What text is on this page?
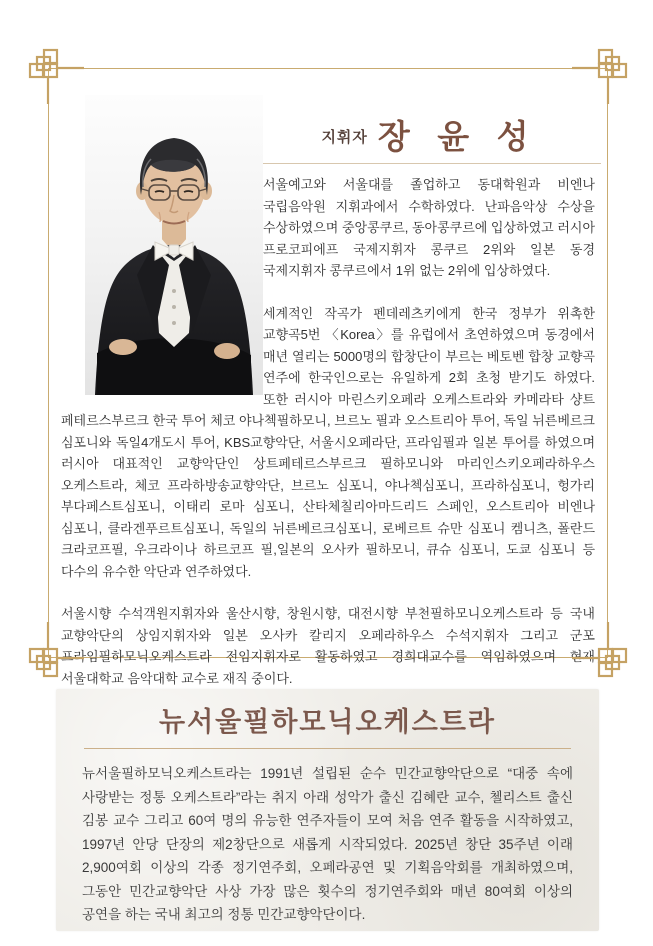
지휘자 장 윤 성

서울예고와 서울대를 졸업하고 동대학원과 비엔나 국립음악원 지휘과에서 수학하였다. 난파음악상 수상을 수상하였으며 중앙콩쿠르, 동아콩쿠르에 입상하였고 러시아 프로코피에프 국제지휘자 콩쿠르 2위와 일본 동경 국제지휘자 콩쿠르에서 1위 없는 2위에 입상하였다.

세계적인 작곡가 펜데레츠키에게 한국 정부가 위촉한 교향곡5번 〈Korea〉를 유럽에서 초연하였으며 동경에서 매년 열리는 5000명의 합창단이 부르는 베토벤 합창 교향곡 연주에 한국인으로는 유일하게 2회 초청 받기도 하였다. 또한 러시아 마린스키오페라 오케스트라와 카메라타 샹트 페테르스부르크 한국 투어 체코 야나첵필하모니, 브르노 필과 오스트리아 투어, 독일 뉘른베르크 심포니와 독일4개도시 투어, KBS교향악단, 서울시오페라단, 프라임필과 일본 투어를 하였으며 러시아 대표적인 교향악단인 상트페테르스부르크 필하모니와 마리인스키오페라하우스 오케스트라, 체코 프라하방송교향악단, 브르노 심포니, 야나첵심포니, 프라하심포니, 헝가리 부다페스트심포니, 이태리 로마 심포니, 산타체칠리아마드리드 스페인, 오스트리아 비엔나 심포니, 클라겐푸르트심포니, 독일의 뉘른베르크심포니, 로베르트 슈만 심포니 켐니츠, 폴란드 크라코프필, 우크라이나 하르코프 필,일본의 오사카 필하모니, 큐슈 심포니, 도쿄 심포니 등 다수의 유수한 악단과 연주하였다.

서울시향 수석객원지휘자와 울산시향, 창원시향, 대전시향 부천필하모니오케스트라 등 국내 교향악단의 상임지휘자와 일본 오사카 칼리지 오페라하우스 수석지휘자 그리고 군포 프라임필하모닉오케스트라 전임지휘자로 활동하였고 경희대교수를 역임하였으며 현재 서울대학교 음악대학 교수로 재직 중이다.

뉴서울필하모닉오케스트라

뉴서울필하모닉오케스트라는 1991년 설립된 순수 민간교향악단으로 “대중 속에 사랑받는 정통 오케스트라”라는 취지 아래 성악가 출신 김혜란 교수, 첼리스트 출신 김봉 교수 그리고 60여 명의 유능한 연주자들이 모여 처음 연주 활동을 시작하였고, 1997년 안당 단장의 제2창단으로 새롭게 시작되었다. 2025년 창단 35주년 이래 2,900여회 이상의 각종 정기연주회, 오페라공연 및 기획음악회를 개최하였으며, 그동안 민간교향악단 사상 가장 많은 횟수의 정기연주회와 매년 80여회 이상의 공연을 하는 국내 최고의 정통 민간교향악단이다.
